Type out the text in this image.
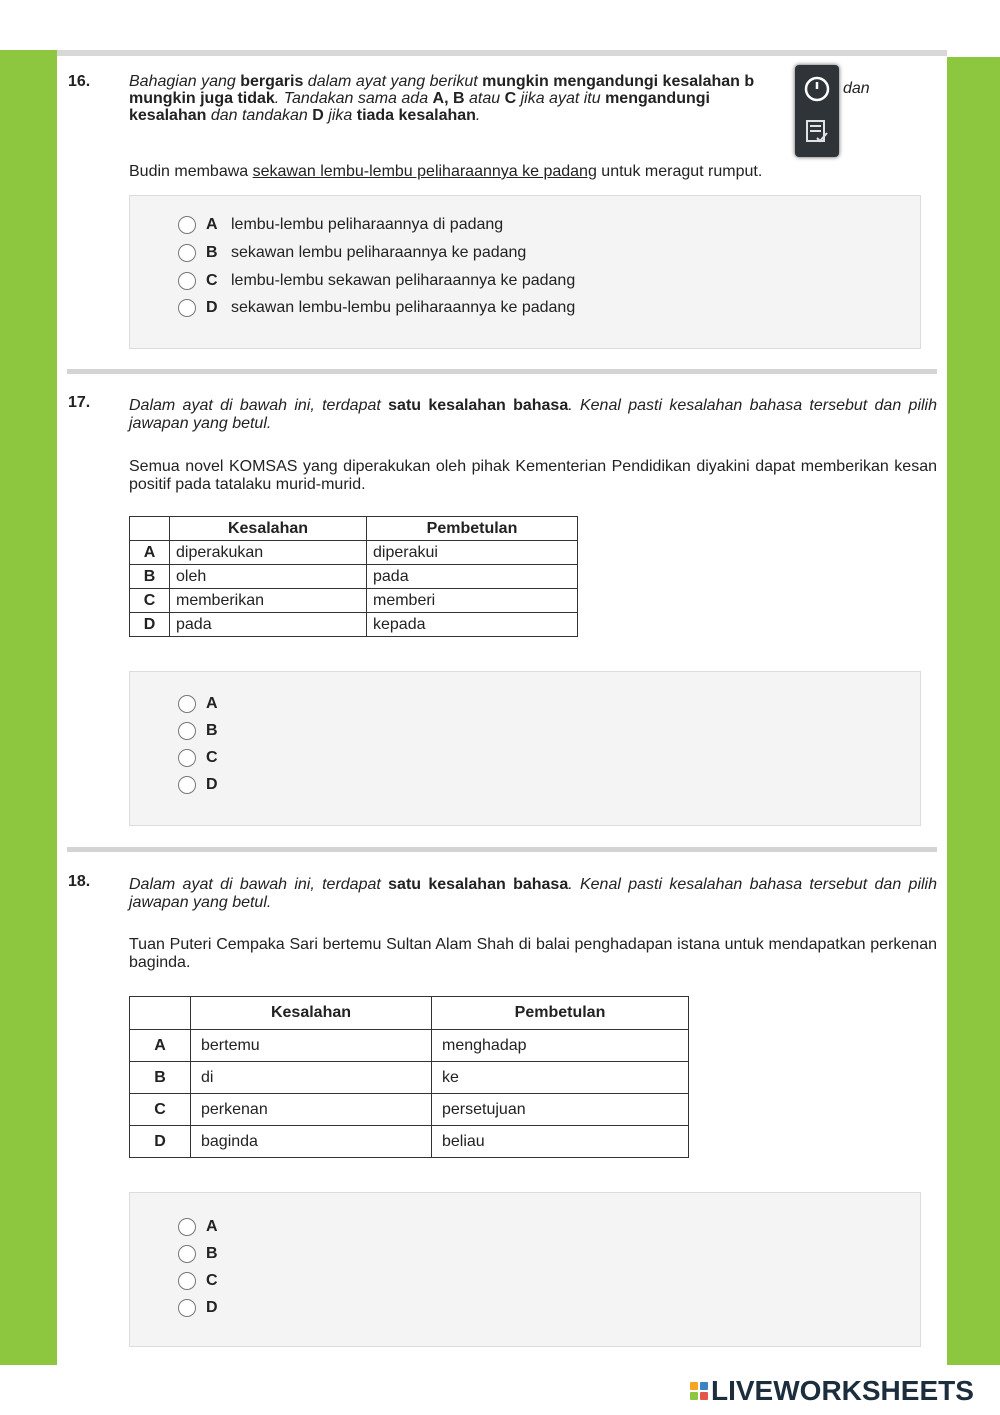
16. Bahagian yang bergaris dalam ayat yang berikut mungkin mengandungi kesalahan b
mungkin juga tidak. Tandakan sama ada A, B atau C jika ayat itu mengandungi
kesalahan dan tandakan D jika tiada kesalahan.
dan
Budin membawa sekawan lembu-lembu peliharaannya ke padang untuk meragut rumput.
A lembu-lembu peliharaannya di padang
B sekawan lembu peliharaannya ke padang
C lembu-lembu sekawan peliharaannya ke padang
D sekawan lembu-lembu peliharaannya ke padang
17. Dalam ayat di bawah ini, terdapat satu kesalahan bahasa. Kenal pasti kesalahan bahasa tersebut dan pilih jawapan yang betul.
Semua novel KOMSAS yang diperakukan oleh pihak Kementerian Pendidikan diyakini dapat memberikan kesan positif pada tatalaku murid-murid.
	Kesalahan	Pembetulan
A	diperakukan	diperakui
B	oleh	pada
C	memberikan	memberi
D	pada	kepada
A
B
C
D
18. Dalam ayat di bawah ini, terdapat satu kesalahan bahasa. Kenal pasti kesalahan bahasa tersebut dan pilih jawapan yang betul.
Tuan Puteri Cempaka Sari bertemu Sultan Alam Shah di balai penghadapan istana untuk mendapatkan perkenan baginda.
	Kesalahan	Pembetulan
A	bertemu	menghadap
B	di	ke
C	perkenan	persetujuan
D	baginda	beliau
A
B
C
D
LIVEWORKSHEETS
